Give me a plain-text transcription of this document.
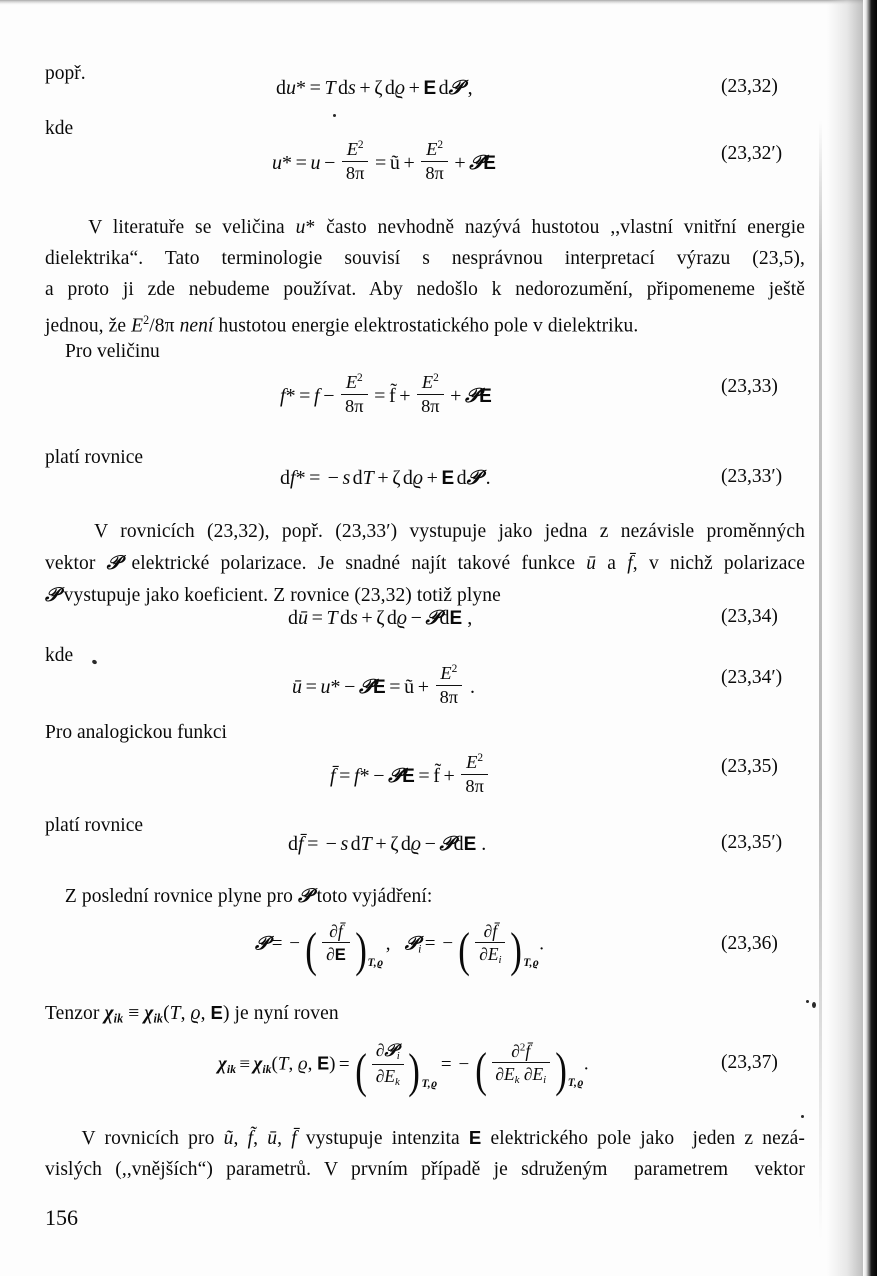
popř.
du* = T ds + ζ dϱ + E d𝒫 ,	(23,32)
kde
$u* = u - \frac{E^2}{8\pi}$ = ũ + $\frac{E^2}{8\pi}$ + 𝒫E	(23,32′)
V literatuře se veličina u* často nevhodně nazývá hustotou ,,vlastní vnitřní energie
dielektrika“. Tato terminologie souvisí s nesprávnou interpretací výrazu (23,5),
a proto ji zde nebudeme používat. Aby nedošlo k nedorozumění, připomeneme ještě
jednou, že $E^2/8\pi$ není hustotou energie elektrostatického pole v dielektriku.
Pro veličinu
$f* = f - \frac{E^2}{8\pi}$ = f̃ + $\frac{E^2}{8\pi}$ + 𝒫E	(23,33)
platí rovnice
df* = − s dT + ζ dϱ + E d𝒫 .	(23,33′)
V rovnicích (23,32), popř. (23,33′) vystupuje jako jedna z nezávisle proměnných
vektor 𝒫 elektrické polarizace. Je snadné najít takové funkce ū a f̄, v nichž polarizace
𝒫 vystupuje jako koeficient. Z rovnice (23,32) totiž plyne
dū = T ds + ζ dϱ − 𝒫dE ,	(23,34)
kde
ū = u* − 𝒫E = ũ + $\frac{E^2}{8\pi}$ .	(23,34′)
Pro analogickou funkci
f̄ = f* − 𝒫E = f̃ + $\frac{E^2}{8\pi}$	(23,35)
platí rovnice
df̄ = − s dT + ζ dϱ − 𝒫dE .	(23,35′)
Z poslední rovnice plyne pro 𝒫 toto vyjádření:
𝒫 = − ( $\frac{\partial f̄}{\partial E} )_{T,ϱ}$,   𝒫$_i$ = − ( $\frac{\partial f̄}{\partial E_i} )_{T,ϱ}$.	(23,36)
Tenzor $\chi_{ik} \equiv \chi_{ik}(T$, ϱ, E) je nyní roven
$\chi_{ik} \equiv \chi_{ik}(T$, ϱ, E) = ( $\frac{\partial 𝒫_i}{\partial E_k} )_{T,ϱ}=$ − ( $\frac{\partial^2f̄}{\partial E_k \partial E_i} )_{T,ϱ}$.	(23,37)
V rovnicích pro ũ, f̃, ū, f̄ vystupuje intenzita E elektrického pole jako  jeden z nezá-
vislých (,,vnějších“) parametrů. V prvním případě je sdruženým  parametrem  vektor
156
